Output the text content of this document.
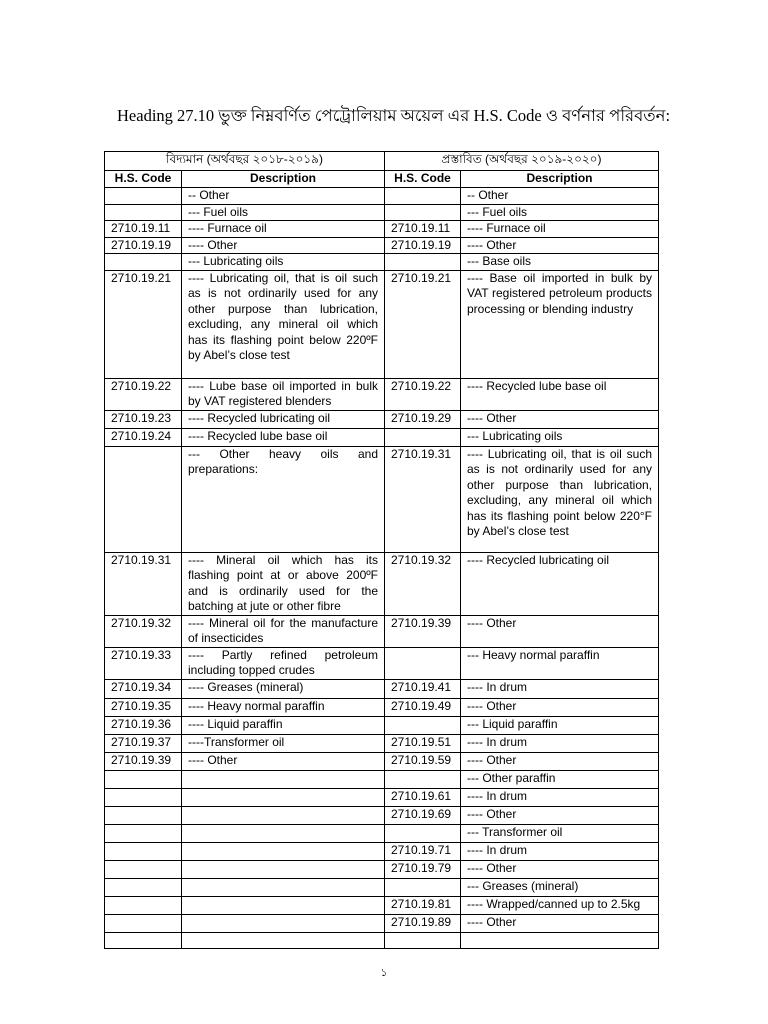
Heading 27.10 ভুক্ত নিম্নবর্ণিত পেট্রোলিয়াম অয়েল এর H.S. Code ও বর্ণনার পরিবর্তন:
বিদ্যমান (অর্থবছর ২০১৮-২০১৯)		প্রস্তাবিত (অর্থবছর ২০১৯-২০২০)	
H.S. Code	Description	H.S. Code	Description
	-- Other		-- Other
	--- Fuel oils		--- Fuel oils
2710.19.11	---- Furnace oil	2710.19.11	---- Furnace oil
2710.19.19	---- Other	2710.19.19	---- Other
	--- Lubricating oils		--- Base oils
2710.19.21	---- Lubricating oil, that is oil such as is not ordinarily used for any other purpose than lubrication, excluding, any mineral oil which has its flashing point below 220ºF by Abel’s close test	2710.19.21	---- Base oil imported in bulk by VAT registered petroleum products processing or blending industry
2710.19.22	---- Lube base oil imported in bulk by VAT registered blenders	2710.19.22	---- Recycled lube base oil
2710.19.23	---- Recycled lubricating oil	2710.19.29	---- Other
2710.19.24	---- Recycled lube base oil		--- Lubricating oils
	--- Other heavy oils and preparations:	2710.19.31	---- Lubricating oil, that is oil such as is not ordinarily used for any other purpose than lubrication, excluding, any mineral oil which has its flashing point below 220°F by Abel’s close test
2710.19.31	---- Mineral oil which has its flashing point at or above 200ºF and is ordinarily used for the batching at jute or other fibre	2710.19.32	---- Recycled lubricating oil
2710.19.32	---- Mineral oil for the manufacture of insecticides	2710.19.39	---- Other
2710.19.33	---- Partly refined petroleum including topped crudes		--- Heavy normal paraffin
2710.19.34	---- Greases (mineral)	2710.19.41	---- In drum
2710.19.35	---- Heavy normal paraffin	2710.19.49	---- Other
2710.19.36	---- Liquid paraffin		--- Liquid paraffin
2710.19.37	----Transformer oil	2710.19.51	---- In drum
2710.19.39	---- Other	2710.19.59	---- Other
			--- Other paraffin
		2710.19.61	---- In drum
		2710.19.69	---- Other
			--- Transformer oil
		2710.19.71	---- In drum
		2710.19.79	---- Other
			--- Greases (mineral)
		2710.19.81	---- Wrapped/canned up to 2.5kg
		2710.19.89	---- Other

১
